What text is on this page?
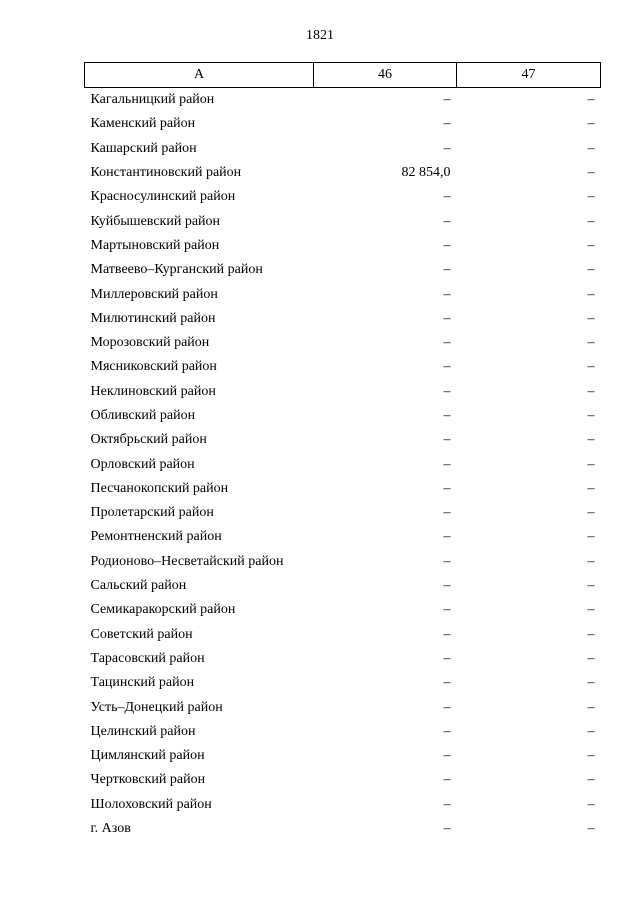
1821
А	46	47
Кагальницкий район	–	–
Каменский район	–	–
Кашарский район	–	–
Константиновский район	82 854,0	–
Красносулинский район	–	–
Куйбышевский район	–	–
Мартыновский район	–	–
Матвеево–Курганский район	–	–
Миллеровский район	–	–
Милютинский район	–	–
Морозовский район	–	–
Мясниковский район	–	–
Неклиновский район	–	–
Обливский район	–	–
Октябрьский район	–	–
Орловский район	–	–
Песчанокопский район	–	–
Пролетарский район	–	–
Ремонтненский район	–	–
Родионово–Несветайский район	–	–
Сальский район	–	–
Семикаракорский район	–	–
Советский район	–	–
Тарасовский район	–	–
Тацинский район	–	–
Усть–Донецкий район	–	–
Целинский район	–	–
Цимлянский район	–	–
Чертковский район	–	–
Шолоховский район	–	–
г. Азов	–	–
